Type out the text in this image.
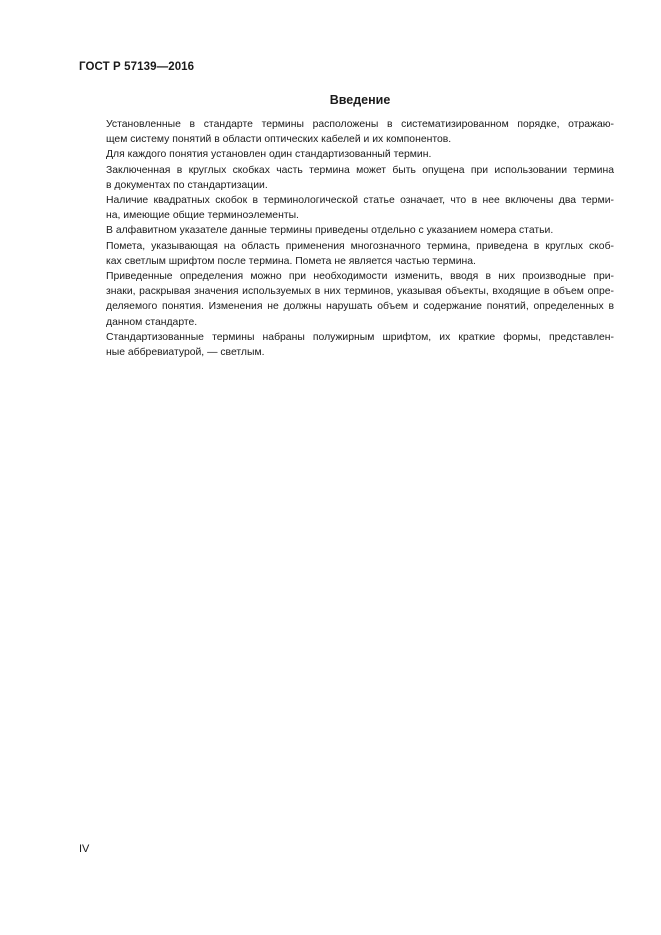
ГОСТ Р 57139—2016
Введение

Установленные в стандарте термины расположены в систематизированном порядке, отражаю-
щем систему понятий в области оптических кабелей и их компонентов.

Для каждого понятия установлен один стандартизованный термин.

Заключенная в круглых скобках часть термина может быть опущена при использовании термина
в документах по стандартизации.

Наличие квадратных скобок в терминологической статье означает, что в нее включены два терми-
на, имеющие общие терминоэлементы.

В алфавитном указателе данные термины приведены отдельно с указанием номера статьи.

Помета, указывающая на область применения многозначного термина, приведена в круглых скоб-
ках светлым шрифтом после термина. Помета не является частью термина.

Приведенные определения можно при необходимости изменить, вводя в них производные при-
знаки, раскрывая значения используемых в них терминов, указывая объекты, входящие в объем опре-
деляемого понятия. Изменения не должны нарушать объем и содержание понятий, определенных в
данном стандарте.

Стандартизованные термины набраны полужирным шрифтом, их краткие формы, представлен-
ные аббревиатурой, — светлым.

IV
